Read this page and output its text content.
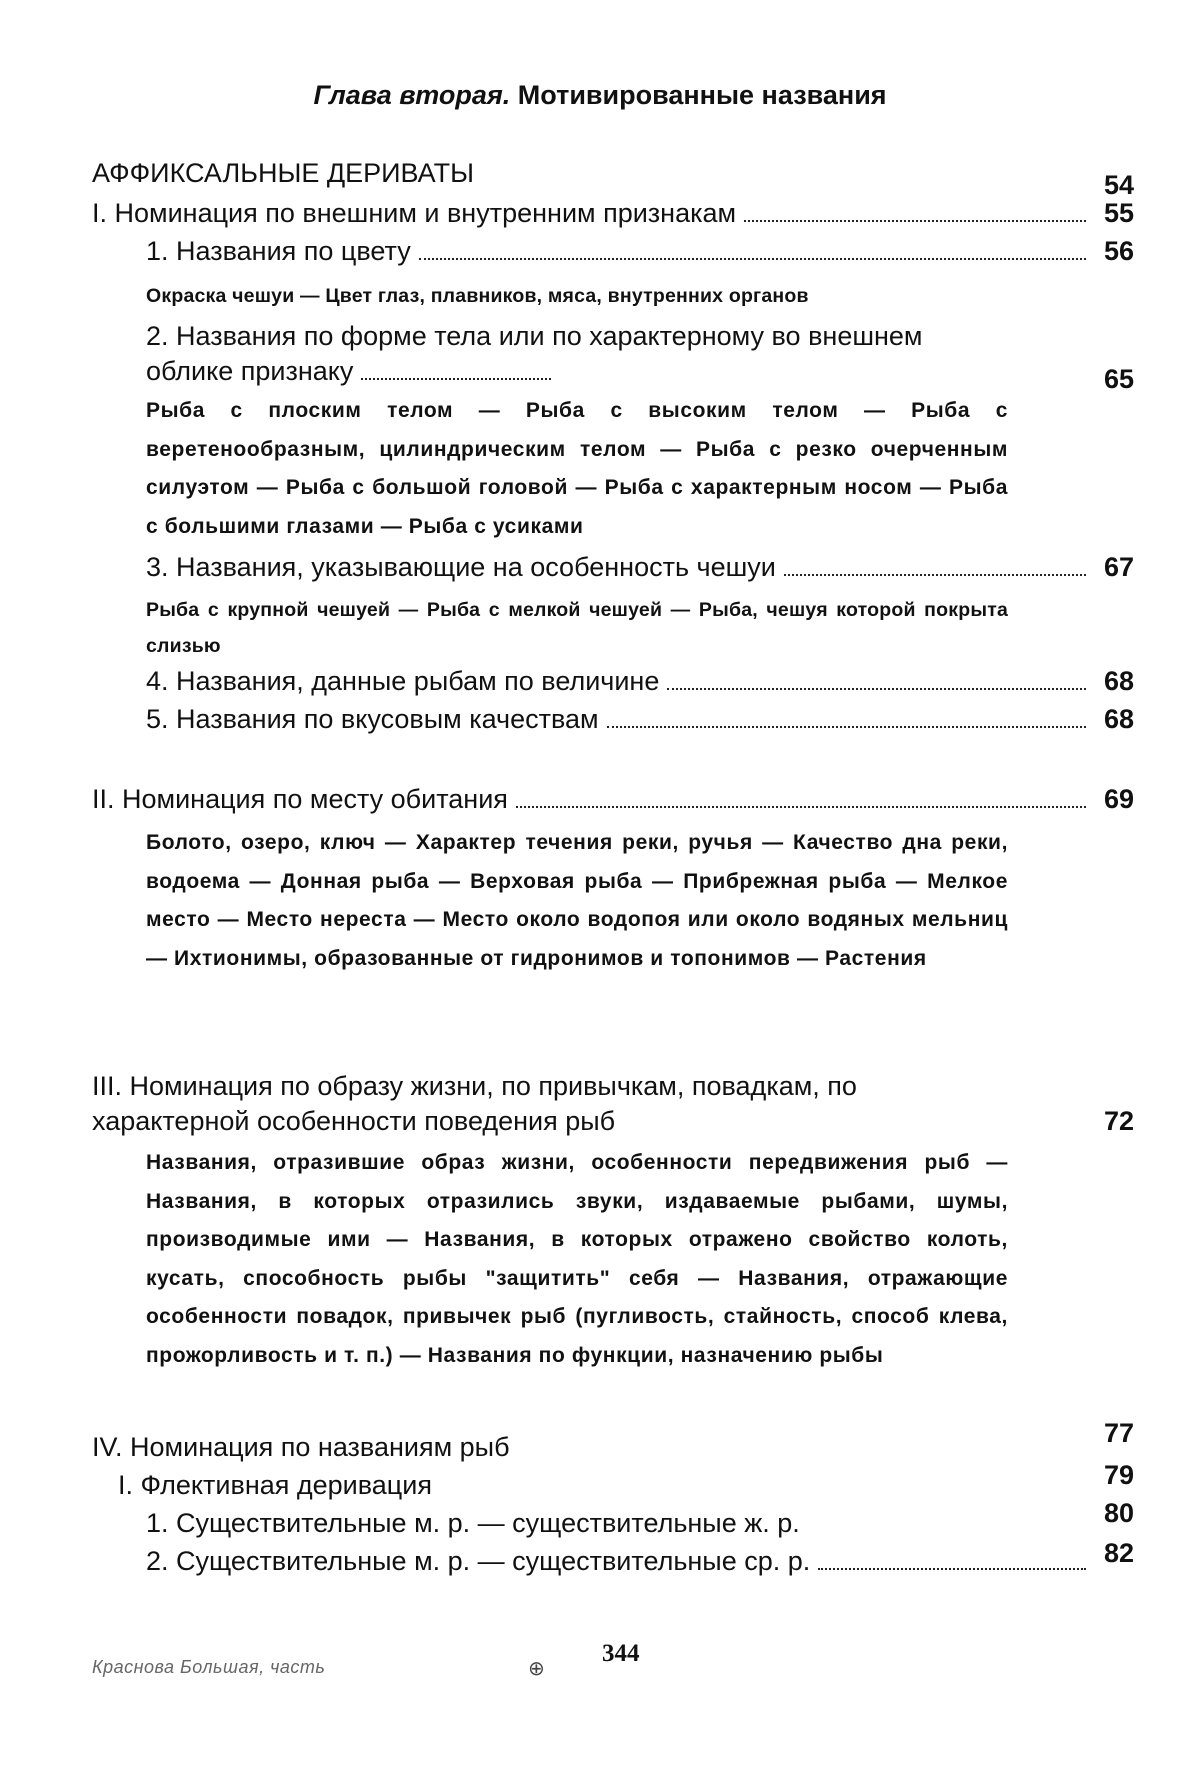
Глава вторая. Мотивированные названия
АФФИКСАЛЬНЫЕ ДЕРИВАТЫ	54
I. Номинация по внешним и внутренним признакам	55
1. Названия по цвету	56
Окраска чешуи — Цвет глаз, плавников, мяса, внутренних органов
2. Названия по форме тела или по характерному во внешнем
облике признаку	65
Рыба с плоским телом — Рыба с высоким телом — Рыба с веретенообразным, цилиндрическим телом — Рыба с резко очерченным силуэтом — Рыба с большой головой — Рыба с характерным носом — Рыба с большими глазами — Рыба с усиками
3. Названия, указывающие на особенность чешуи	67
Рыба с крупной чешуей — Рыба с мелкой чешуей — Рыба, чешуя которой покрыта слизью
4. Названия, данные рыбам по величине	68
5. Названия по вкусовым качествам	68
II. Номинация по месту обитания	69
Болото, озеро, ключ — Характер течения реки, ручья — Качество дна реки, водоема — Донная рыба — Верховая рыба — Прибрежная рыба — Мелкое место — Место нереста — Место около водопоя или около водяных мельниц — Ихтионимы, образованные от гидронимов и топонимов — Растения
III. Номинация по образу жизни, по привычкам, повадкам, по
характерной особенности поведения рыб	72
Названия, отразившие образ жизни, особенности передвижения рыб — Названия, в которых отразились звуки, издаваемые рыбами, шумы, производимые ими — Названия, в которых отражено свойство колоть, кусать, способность рыбы "защитить" себя — Названия, отражающие особенности повадок, привычек рыб (пугливость, стайность, способ клева, прожорливость и т. п.) — Названия по функции, назначению рыбы
IV. Номинация по названиям рыб	77
I. Флективная деривация	79
1. Существительные м. р. — существительные ж. р.	80
2. Существительные м. р. — существительные ср. р.	82
Краснова Большая, часть	⊕
344
